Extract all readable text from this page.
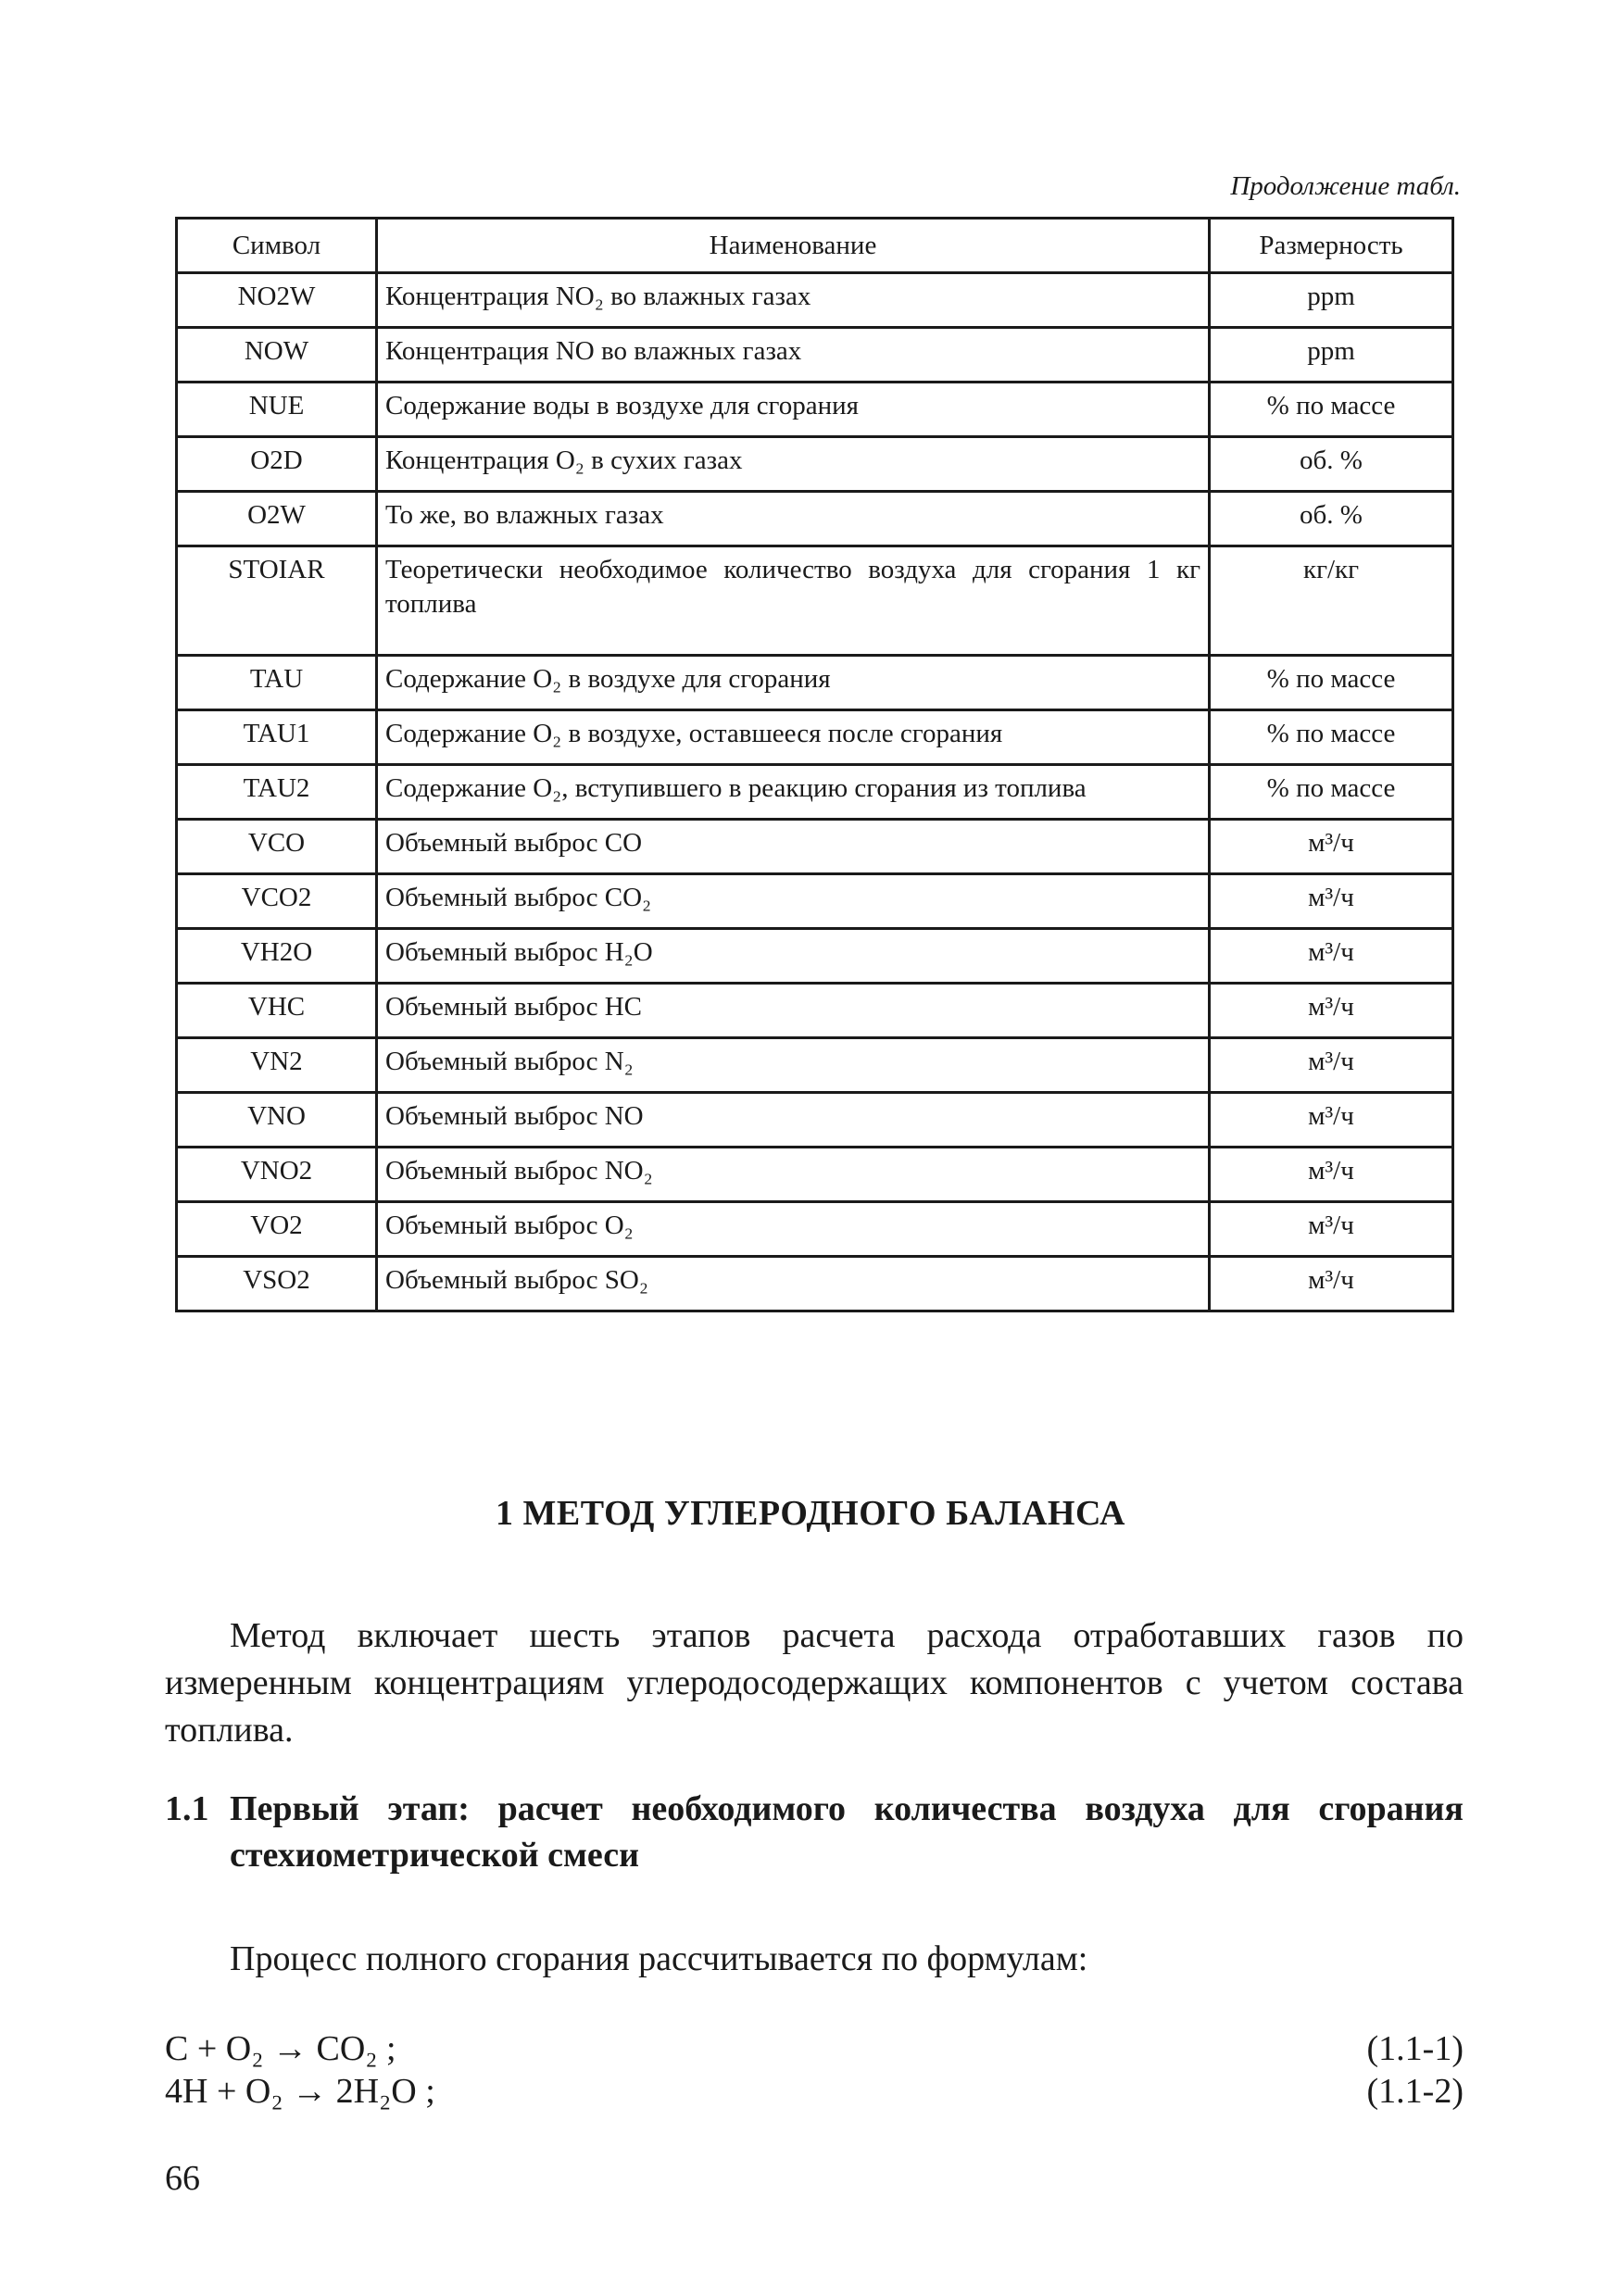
Продолжение табл.
Символ	Наименование	Размерность
NO2W	Концентрация NO₂ во влажных газах	ppm
NOW	Концентрация NO во влажных газах	ppm
NUE	Содержание воды в воздухе для сгорания	% по массе
O2D	Концентрация O₂ в сухих газах	об. %
O2W	То же, во влажных газах	об. %
STOIAR	Теоретически необходимое количество воздуха для сгорания 1 кг топлива	кг/кг
TAU	Содержание O₂ в воздухе для сгорания	% по массе
TAU1	Содержание O₂ в воздухе, оставшееся после сгорания	% по массе
TAU2	Содержание O₂, вступившего в реакцию сгорания из топлива	% по массе
VCO	Объемный выброс CO	м³/ч
VCO2	Объемный выброс CO₂	м³/ч
VH2O	Объемный выброс H₂O	м³/ч
VHC	Объемный выброс HC	м³/ч
VN2	Объемный выброс N₂	м³/ч
VNO	Объемный выброс NO	м³/ч
VNO2	Объемный выброс NO₂	м³/ч
VO2	Объемный выброс O₂	м³/ч
VSO2	Объемный выброс SO₂	м³/ч
1 МЕТОД УГЛЕРОДНОГО БАЛАНСА
Метод включает шесть этапов расчета расхода отработавших газов по измеренным концентрациям углеродосодержащих компонентов с учетом состава топлива.
1.1 Первый этап: расчет необходимого количества воздуха для сгорания стехиометрической смеси
Процесс полного сгорания рассчитывается по формулам:
C + O₂ → CO₂ ;	(1.1-1)
4H + O₂ → 2H₂O ;	(1.1-2)
66
